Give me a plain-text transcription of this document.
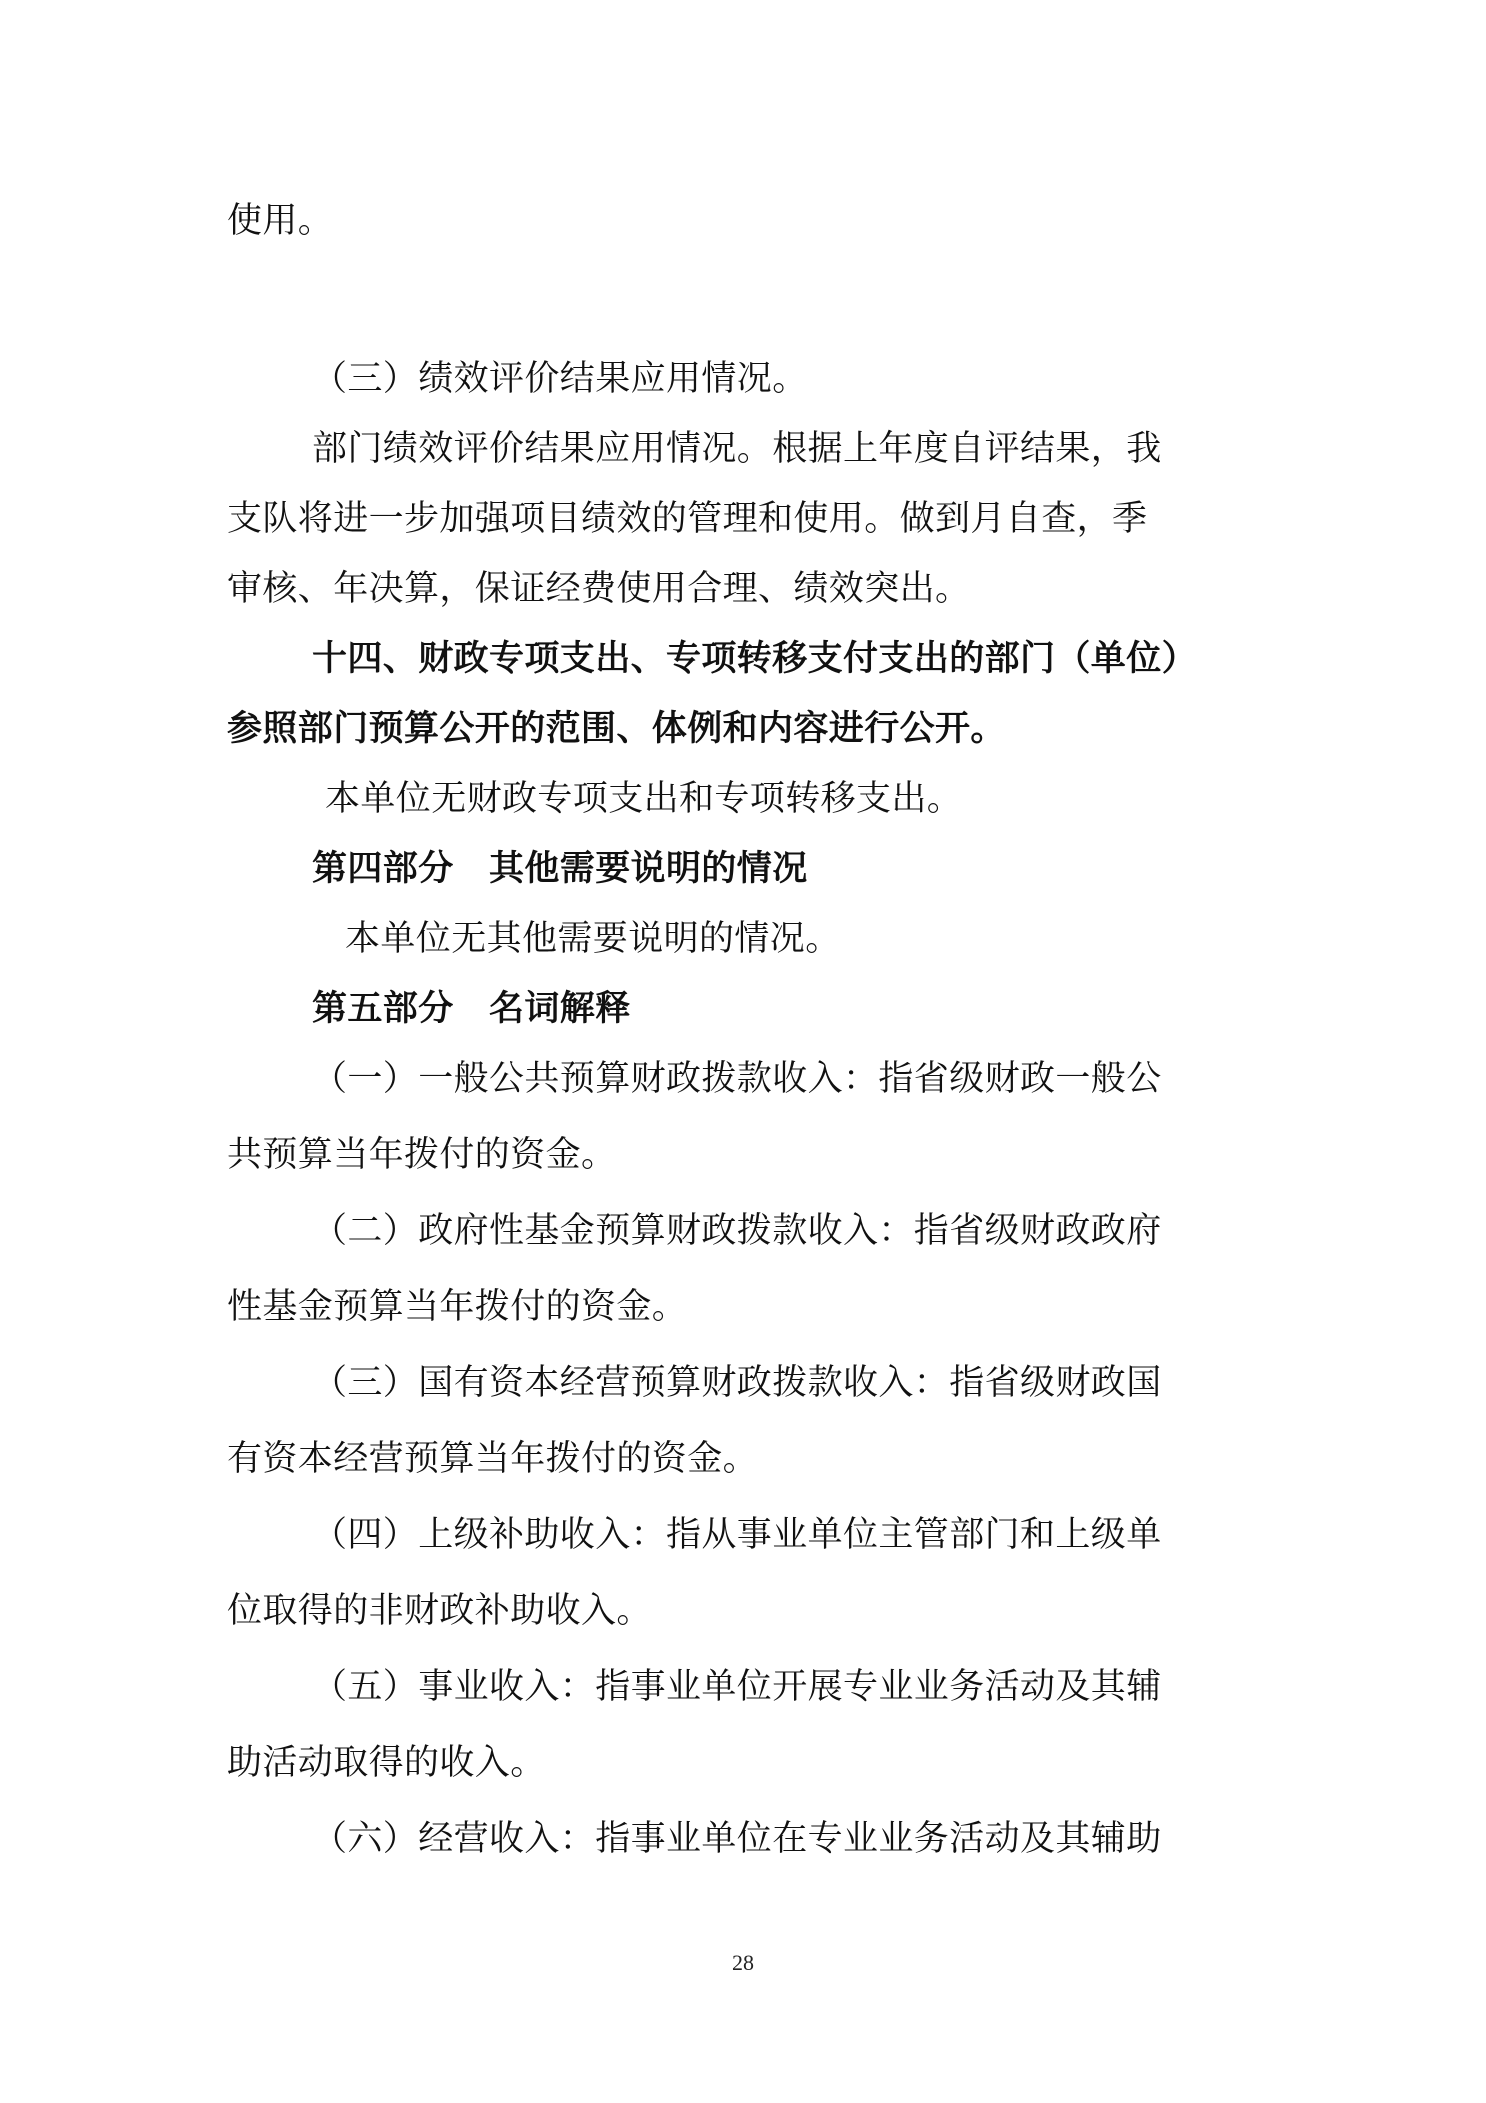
使用。
（三）绩效评价结果应用情况。
部门绩效评价结果应用情况。根据上年度自评结果，我
支队将进一步加强项目绩效的管理和使用。做到月自查，季
审核、年决算，保证经费使用合理、绩效突出。
十四、财政专项支出、专项转移支付支出的部门（单位）
参照部门预算公开的范围、体例和内容进行公开。
本单位无财政专项支出和专项转移支出。
第四部分　其他需要说明的情况
本单位无其他需要说明的情况。
第五部分　名词解释
（一）一般公共预算财政拨款收入：指省级财政一般公
共预算当年拨付的资金。
（二）政府性基金预算财政拨款收入：指省级财政政府
性基金预算当年拨付的资金。
（三）国有资本经营预算财政拨款收入：指省级财政国
有资本经营预算当年拨付的资金。
（四）上级补助收入：指从事业单位主管部门和上级单
位取得的非财政补助收入。
（五）事业收入：指事业单位开展专业业务活动及其辅
助活动取得的收入。
（六）经营收入：指事业单位在专业业务活动及其辅助
28
